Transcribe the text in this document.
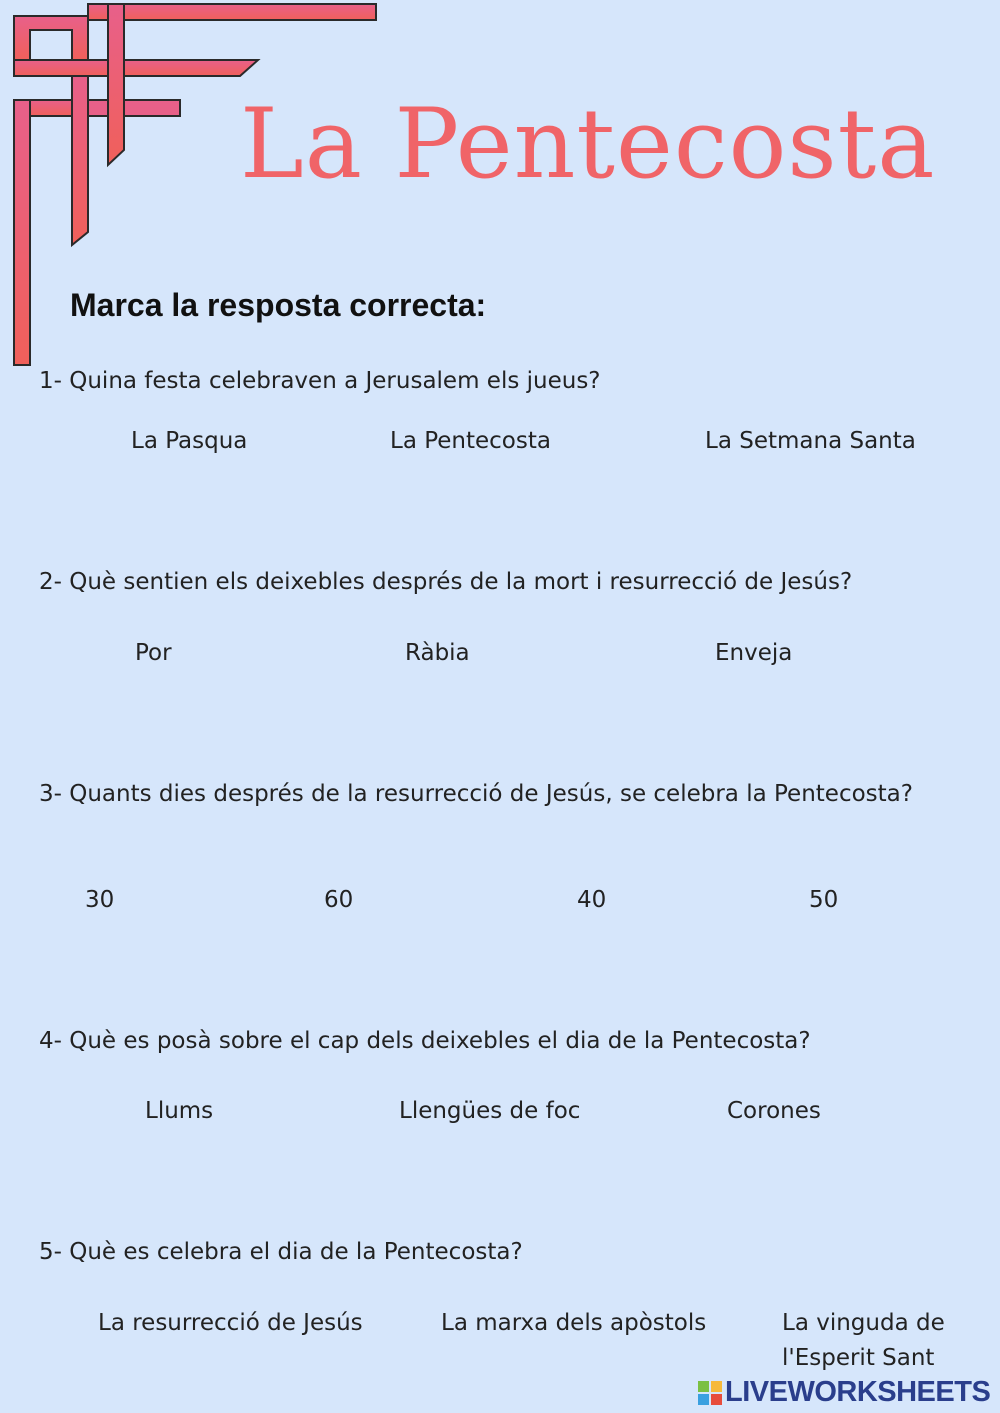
La Pentecosta
Marca la resposta correcta:
1- Quina festa celebraven a Jerusalem els jueus?
La Pasqua	La Pentecosta	La Setmana Santa
2- Què sentien els deixebles després de la mort i resurrecció de Jesús?
Por	Ràbia	Enveja
3- Quants dies després de la resurrecció de Jesús, se celebra la Pentecosta?
30	60	40	50
4- Què es posà sobre el cap dels deixebles el dia de la Pentecosta?
Llums	Llengües de foc	Corones
5- Què es celebra el dia de la Pentecosta?
La resurrecció de Jesús	La marxa dels apòstols	La vinguda de l'Esperit Sant
LIVEWORKSHEETS
